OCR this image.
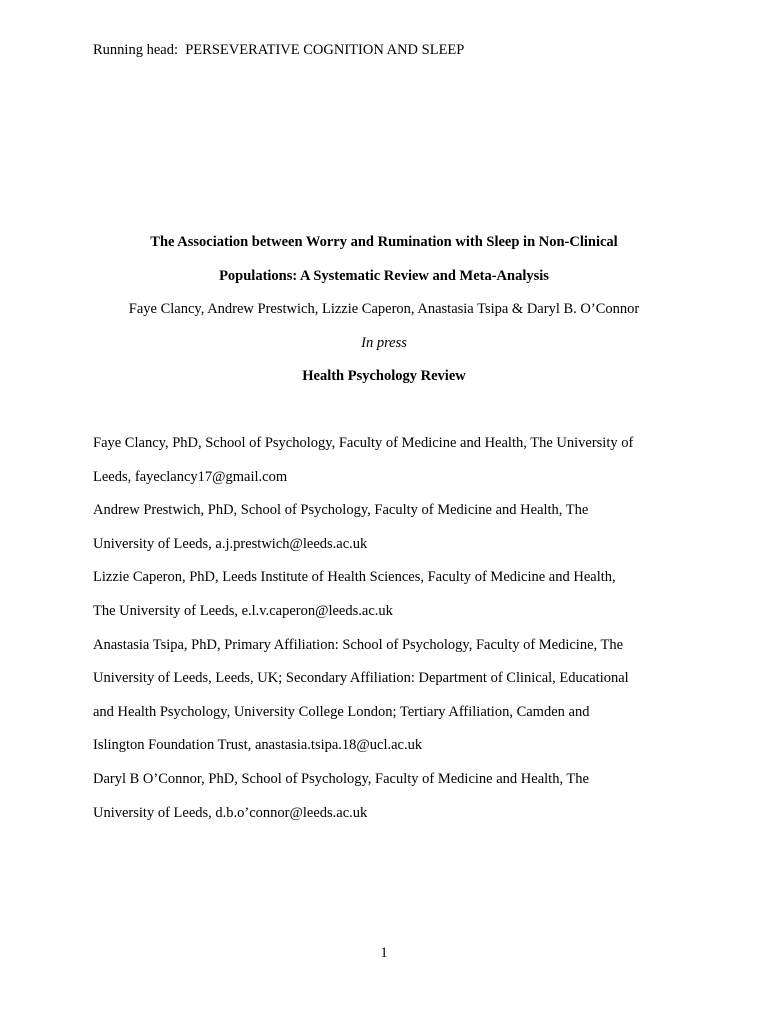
Running head:  PERSEVERATIVE COGNITION AND SLEEP
The Association between Worry and Rumination with Sleep in Non-Clinical
Populations: A Systematic Review and Meta-Analysis
Faye Clancy, Andrew Prestwich, Lizzie Caperon, Anastasia Tsipa & Daryl B. O’Connor
In press
Health Psychology Review
Faye Clancy, PhD, School of Psychology, Faculty of Medicine and Health, The University of
Leeds, fayeclancy17@gmail.com
Andrew Prestwich, PhD, School of Psychology, Faculty of Medicine and Health, The
University of Leeds, a.j.prestwich@leeds.ac.uk
Lizzie Caperon, PhD, Leeds Institute of Health Sciences, Faculty of Medicine and Health,
The University of Leeds, e.l.v.caperon@leeds.ac.uk
Anastasia Tsipa, PhD, Primary Affiliation: School of Psychology, Faculty of Medicine, The
University of Leeds, Leeds, UK; Secondary Affiliation: Department of Clinical, Educational
and Health Psychology, University College London; Tertiary Affiliation, Camden and
Islington Foundation Trust, anastasia.tsipa.18@ucl.ac.uk
Daryl B O’Connor, PhD, School of Psychology, Faculty of Medicine and Health, The
University of Leeds, d.b.o’connor@leeds.ac.uk
1
